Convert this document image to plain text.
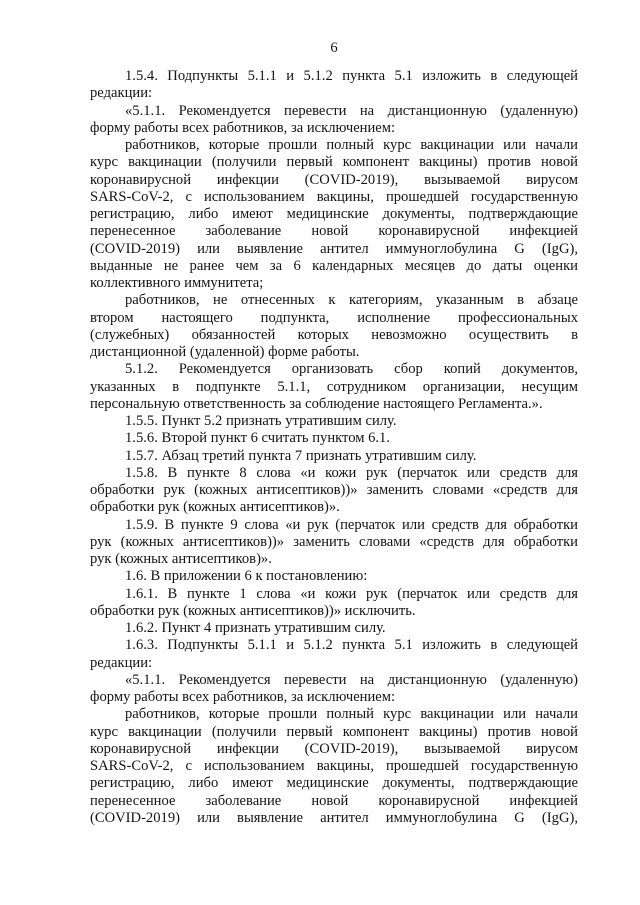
6
1.5.4. Подпункты 5.1.1 и 5.1.2 пункта 5.1 изложить в следующей
редакции:
«5.1.1. Рекомендуется перевести на дистанционную (удаленную)
форму работы всех работников, за исключением:
работников, которые прошли полный курс вакцинации или начали
курс вакцинации (получили первый компонент вакцины) против новой
коронавирусной инфекции (COVID-2019), вызываемой вирусом
SARS-CoV-2, с использованием вакцины, прошедшей государственную
регистрацию, либо имеют медицинские документы, подтверждающие
перенесенное заболевание новой коронавирусной инфекцией
(COVID-2019) или выявление антител иммуноглобулина G (IgG),
выданные не ранее чем за 6 календарных месяцев до даты оценки
коллективного иммунитета;
работников, не отнесенных к категориям, указанным в абзаце
втором настоящего подпункта, исполнение профессиональных
(служебных) обязанностей которых невозможно осуществить в
дистанционной (удаленной) форме работы.
5.1.2. Рекомендуется организовать сбор копий документов,
указанных в подпункте 5.1.1, сотрудником организации, несущим
персональную ответственность за соблюдение настоящего Регламента.».
1.5.5. Пункт 5.2 признать утратившим силу.
1.5.6. Второй пункт 6 считать пунктом 6.1.
1.5.7. Абзац третий пункта 7 признать утратившим силу.
1.5.8. В пункте 8 слова «и кожи рук (перчаток или средств для
обработки рук (кожных антисептиков))» заменить словами «средств для
обработки рук (кожных антисептиков)».
1.5.9. В пункте 9 слова «и рук (перчаток или средств для обработки
рук (кожных антисептиков))» заменить словами «средств для обработки
рук (кожных антисептиков)».
1.6. В приложении 6 к постановлению:
1.6.1. В пункте 1 слова «и кожи рук (перчаток или средств для
обработки рук (кожных антисептиков))» исключить.
1.6.2. Пункт 4 признать утратившим силу.
1.6.3. Подпункты 5.1.1 и 5.1.2 пункта 5.1 изложить в следующей
редакции:
«5.1.1. Рекомендуется перевести на дистанционную (удаленную)
форму работы всех работников, за исключением:
работников, которые прошли полный курс вакцинации или начали
курс вакцинации (получили первый компонент вакцины) против новой
коронавирусной инфекции (COVID-2019), вызываемой вирусом
SARS-CoV-2, с использованием вакцины, прошедшей государственную
регистрацию, либо имеют медицинские документы, подтверждающие
перенесенное заболевание новой коронавирусной инфекцией
(COVID-2019) или выявление антител иммуноглобулина G (IgG),
